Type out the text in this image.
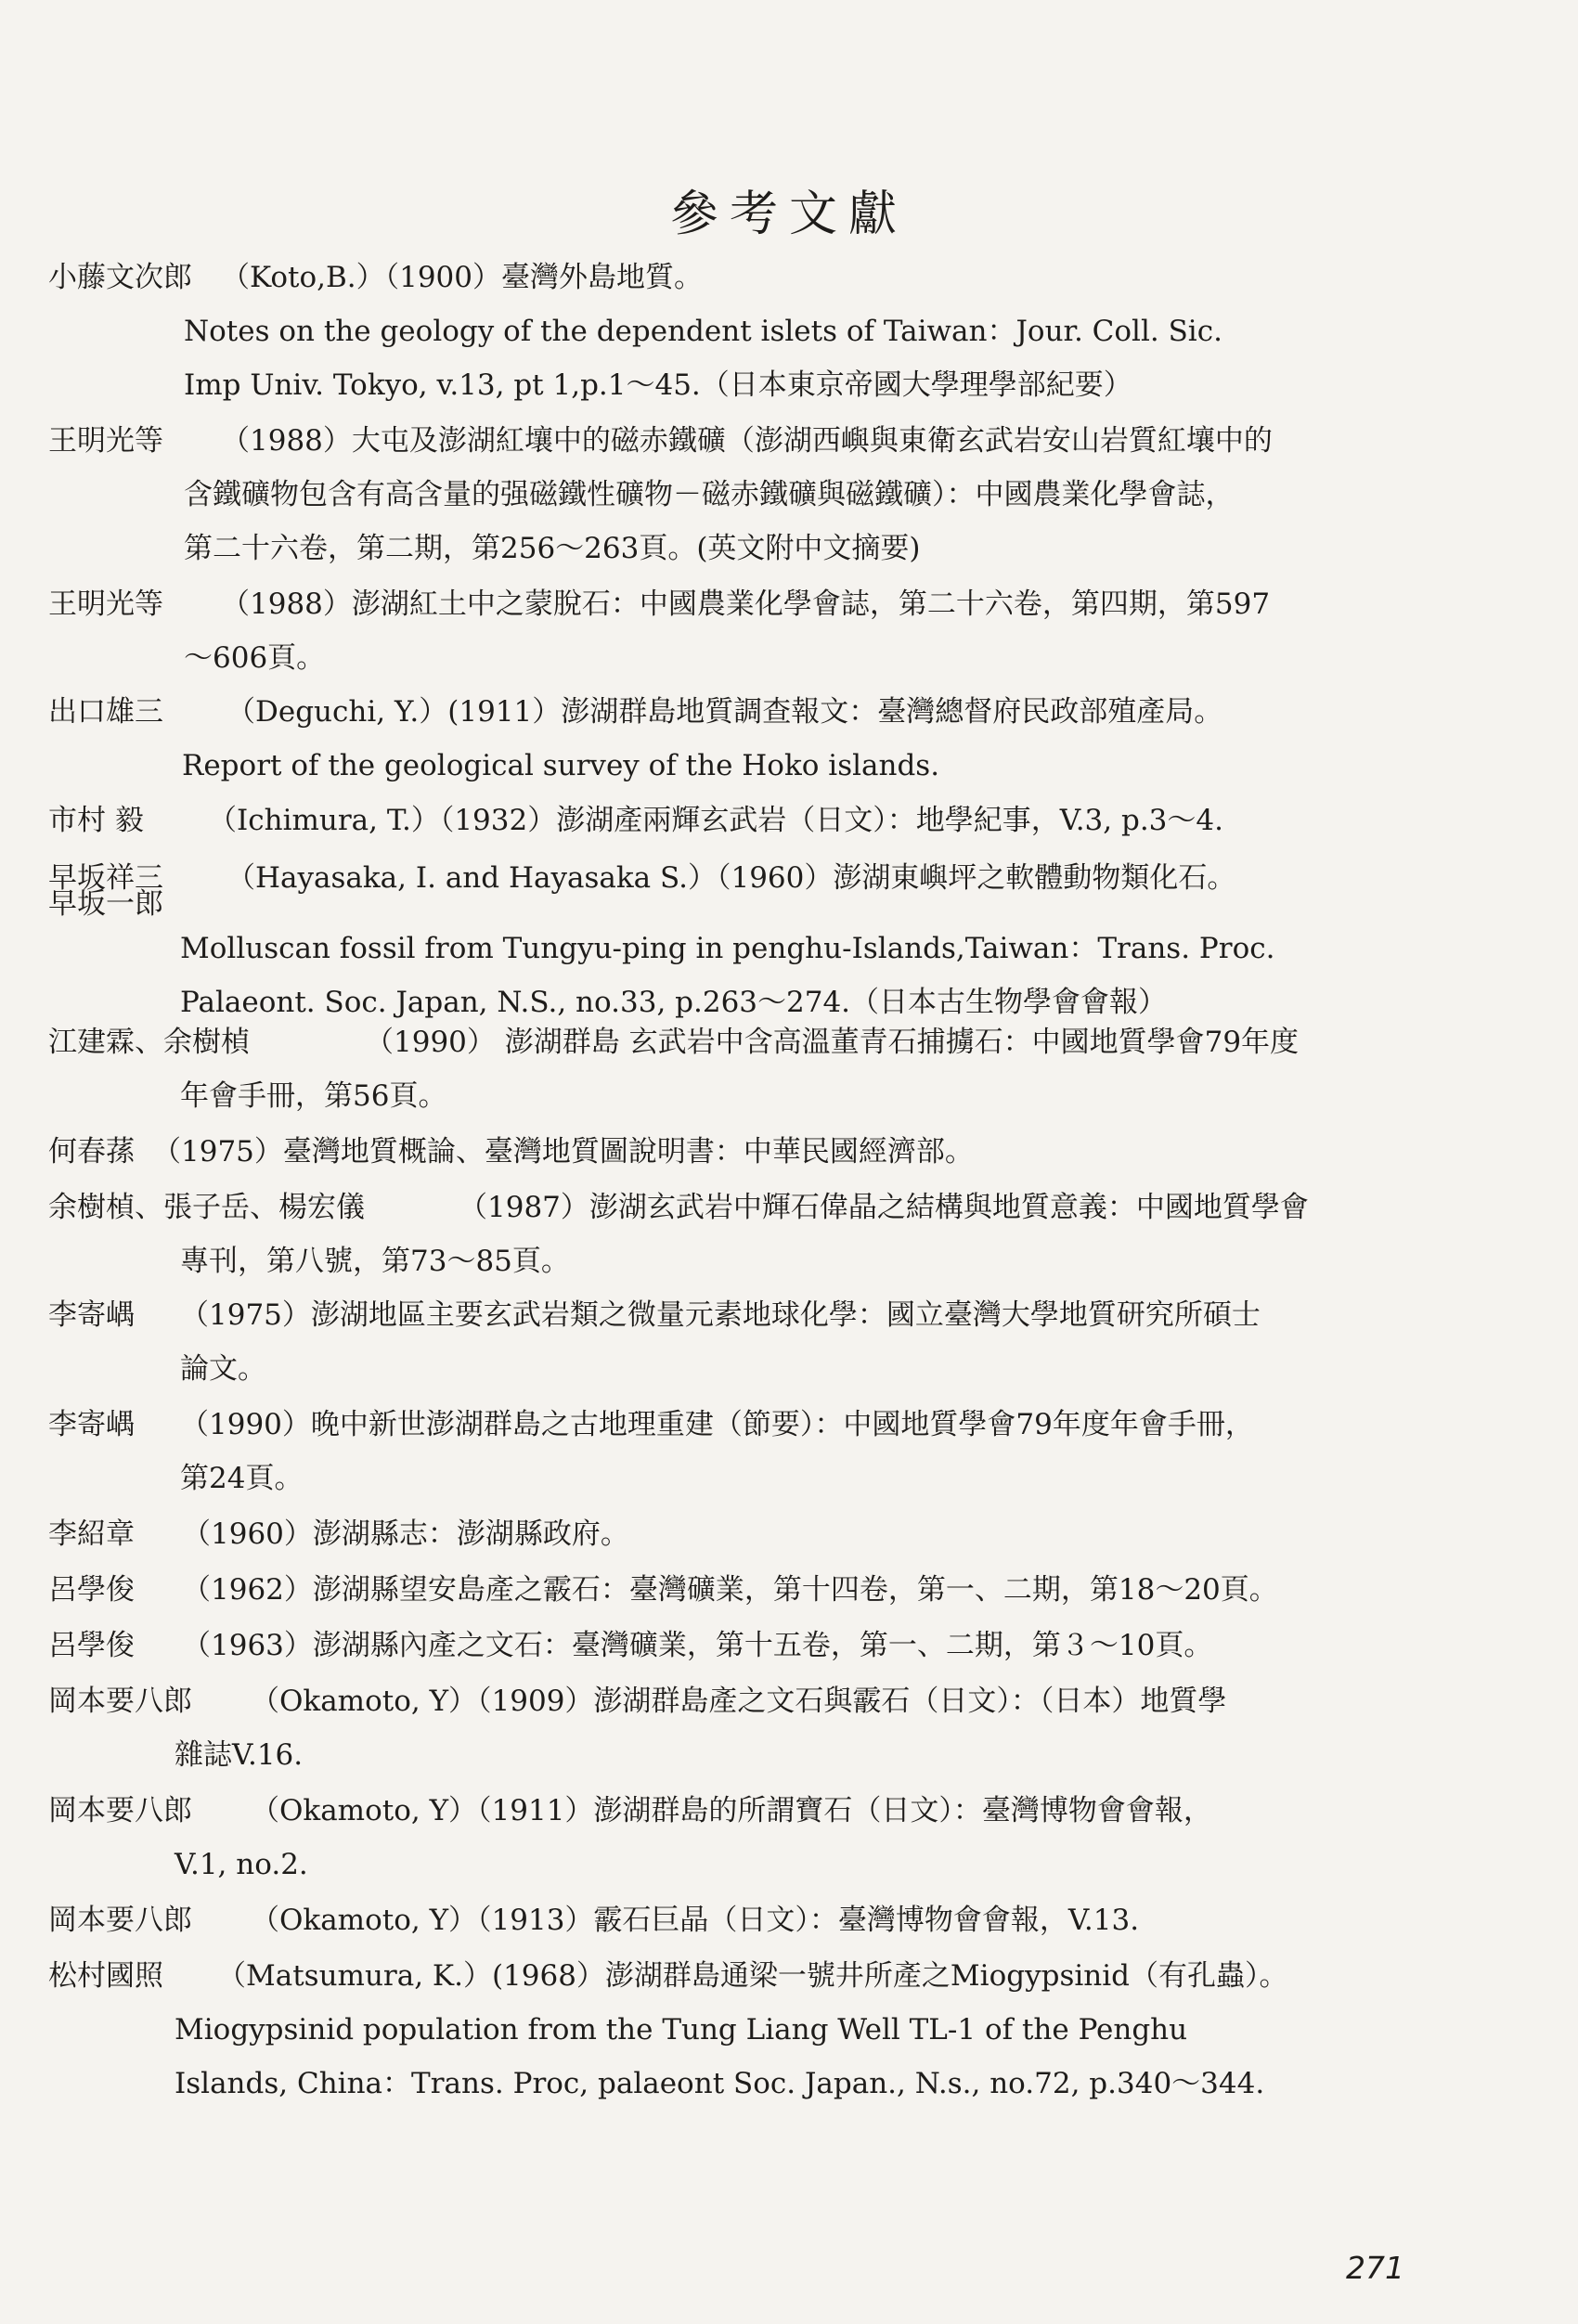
參考文獻
小藤文次郎 （Koto,B.）（1900）臺灣外島地質。
Notes on the geology of the dependent islets of Taiwan：Jour. Coll. Sic.
Imp Univ. Tokyo, v.13, pt 1,p.1～45.（日本東京帝國大學理學部紀要）
王明光等 （1988）大屯及澎湖紅壤中的磁赤鐵礦（澎湖西嶼與東衛玄武岩安山岩質紅壤中的
含鐵礦物包含有高含量的强磁鐵性礦物－磁赤鐵礦與磁鐵礦）：中國農業化學會誌，
第二十六卷，第二期，第256～263頁。(英文附中文摘要)
王明光等 （1988）澎湖紅土中之蒙脫石：中國農業化學會誌，第二十六卷，第四期，第597
～606頁。
出口雄三 （Deguchi, Y.）(1911）澎湖群島地質調查報文：臺灣總督府民政部殖產局。
Report of the geological survey of the Hoko islands.
市村 毅 （Ichimura, T.）（1932）澎湖產兩輝玄武岩（日文）：地學紀事，V.3, p.3～4.
早坂祥三
早坂一郎
（Hayasaka, I. and Hayasaka S.）（1960）澎湖東嶼坪之軟體動物類化石。
Molluscan fossil from Tungyu-ping in penghu-Islands,Taiwan：Trans. Proc.
Palaeont. Soc. Japan, N.S., no.33, p.263～274.（日本古生物學會會報）
江建霖、余樹楨	（1990） 澎湖群島 玄武岩中含高溫董青石捕擄石：中國地質學會79年度
年會手冊，第56頁。
何春蓀 （1975）臺灣地質概論、臺灣地質圖說明書：中華民國經濟部。
余樹楨、張子岳、楊宏儀	（1987）澎湖玄武岩中輝石偉晶之結構與地質意義：中國地質學會
專刊，第八號，第73～85頁。
李寄嵎 （1975）澎湖地區主要玄武岩類之微量元素地球化學：國立臺灣大學地質研究所碩士
論文。
李寄嵎 （1990）晚中新世澎湖群島之古地理重建（節要）：中國地質學會79年度年會手冊，
第24頁。
李紹章 （1960）澎湖縣志：澎湖縣政府。
呂學俊 （1962）澎湖縣望安島產之霰石：臺灣礦業，第十四卷，第一、二期，第18～20頁。
呂學俊 （1963）澎湖縣內產之文石：臺灣礦業，第十五卷，第一、二期，第３～10頁。
岡本要八郎 （Okamoto, Y）（1909）澎湖群島產之文石與霰石（日文）：（日本）地質學
雜誌V.16.
岡本要八郎 （Okamoto, Y）（1911）澎湖群島的所謂寶石（日文）：臺灣博物會會報，
V.1, no.2.
岡本要八郎 （Okamoto, Y）（1913）霰石巨晶（日文）：臺灣博物會會報，V.13.
松村國照 （Matsumura, K.）(1968）澎湖群島通梁一號井所產之Miogypsinid（有孔蟲）。
Miogypsinid population from the Tung Liang Well TL-1 of the Penghu
Islands, China：Trans. Proc, palaeont Soc. Japan., N.s., no.72, p.340～344.
271
